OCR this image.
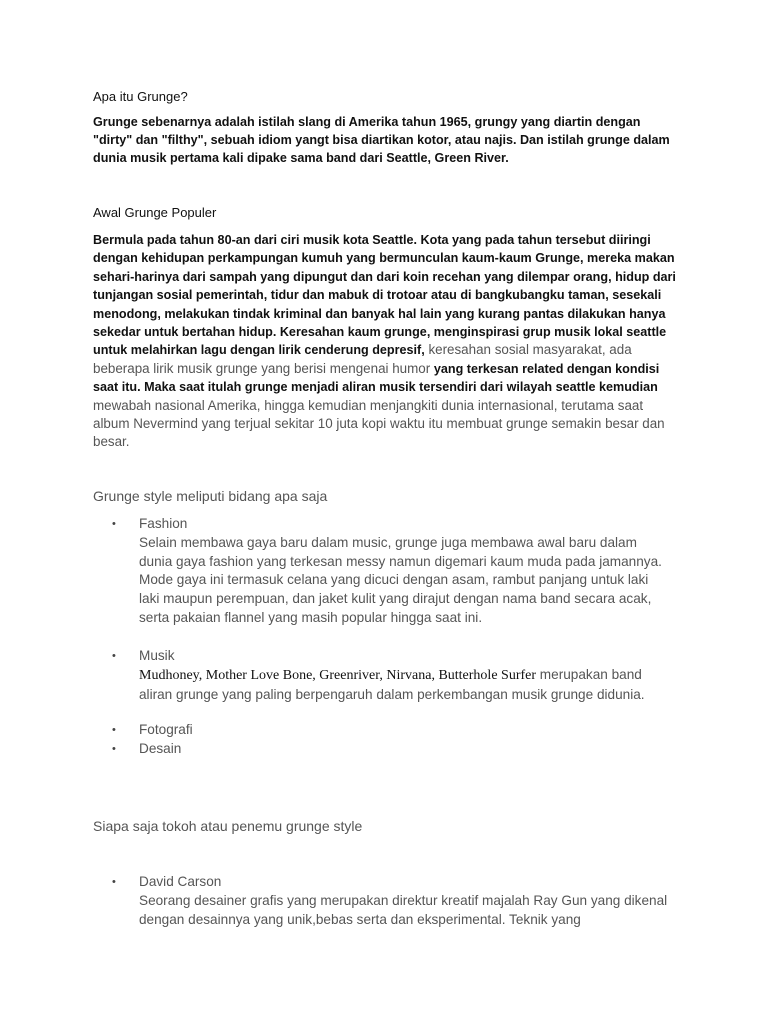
Apa itu Grunge?
Grunge sebenarnya adalah istilah slang di Amerika tahun 1965, grungy yang diartin dengan "dirty" dan "filthy", sebuah idiom yangt bisa diartikan kotor, atau najis. Dan istilah grunge dalam dunia musik pertama kali dipake sama band dari Seattle, Green River.
Awal Grunge Populer
Bermula pada tahun 80-an dari ciri musik kota Seattle. Kota yang pada tahun tersebut diiringi dengan kehidupan perkampungan kumuh yang bermunculan kaum-kaum Grunge, mereka makan sehari-harinya dari sampah yang dipungut dan dari koin recehan yang dilempar orang, hidup dari tunjangan sosial pemerintah, tidur dan mabuk di trotoar atau di bangkubangku taman, sesekali menodong, melakukan tindak kriminal dan banyak hal lain yang kurang pantas dilakukan hanya sekedar untuk bertahan hidup. Keresahan kaum grunge, menginspirasi grup musik lokal seattle untuk melahirkan lagu dengan lirik cenderung depresif, keresahan sosial masyarakat, ada beberapa lirik musik grunge yang berisi mengenai humor yang terkesan related dengan kondisi saat itu. Maka saat itulah grunge menjadi aliran musik tersendiri dari wilayah seattle kemudian mewabah nasional Amerika, hingga kemudian menjangkiti dunia internasional, terutama saat album Nevermind yang terjual sekitar 10 juta kopi waktu itu membuat grunge semakin besar dan besar.
Grunge style meliputi bidang apa saja
• Fashion
Selain membawa gaya baru dalam music, grunge juga membawa awal baru dalam dunia gaya fashion yang terkesan messy namun digemari kaum muda pada jamannya. Mode gaya ini termasuk celana yang dicuci dengan asam, rambut panjang untuk laki laki maupun perempuan, dan jaket kulit yang dirajut dengan nama band secara acak, serta pakaian flannel yang masih popular hingga saat ini.
• Musik
Mudhoney, Mother Love Bone, Greenriver, Nirvana, Butterhole Surfer merupakan band aliran grunge yang paling berpengaruh dalam perkembangan musik grunge didunia.
• Fotografi
• Desain
Siapa saja tokoh atau penemu grunge style
• David Carson
Seorang desainer grafis yang merupakan direktur kreatif majalah Ray Gun yang dikenal dengan desainnya yang unik,bebas serta dan eksperimental. Teknik yang
